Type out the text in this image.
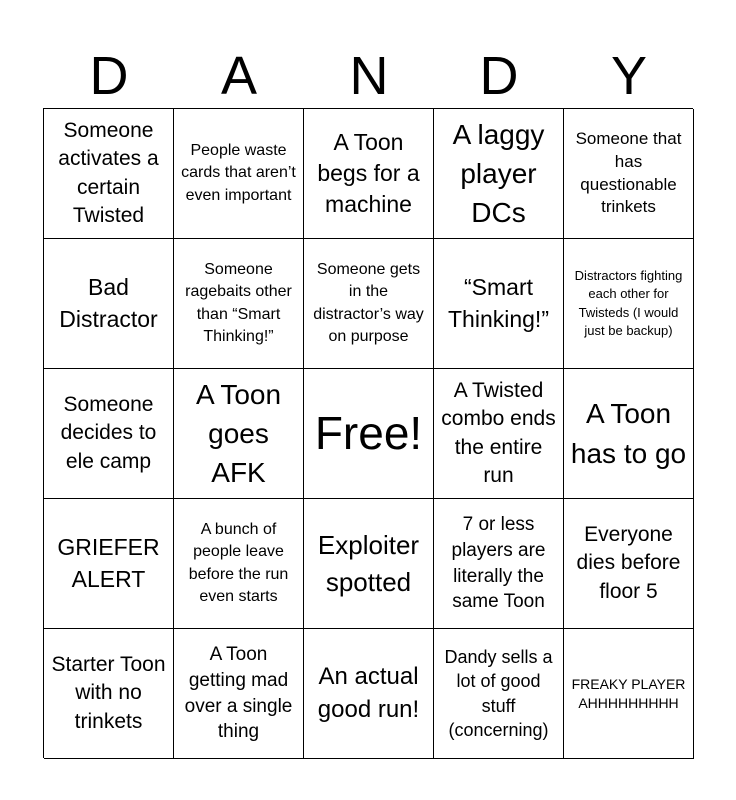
D	A	N	D	Y
Someone activates a certain Twisted
People waste cards that aren’t even important
A Toon begs for a machine
A laggy player DCs
Someone that has questionable trinkets
Bad Distractor
Someone ragebaits other than “Smart Thinking!”
Someone gets in the distractor’s way on purpose
“Smart Thinking!”
Distractors fighting each other for Twisteds (I would just be backup)
Someone decides to ele camp
A Toon goes AFK
Free!
A Twisted combo ends the entire run
A Toon has to go
GRIEFER ALERT
A bunch of people leave before the run even starts
Exploiter spotted
7 or less players are literally the same Toon
Everyone dies before floor 5
Starter Toon with no trinkets
A Toon getting mad over a single thing
An actual good run!
Dandy sells a lot of good stuff (concerning)
FREAKY PLAYER AHHHHHHHHH
